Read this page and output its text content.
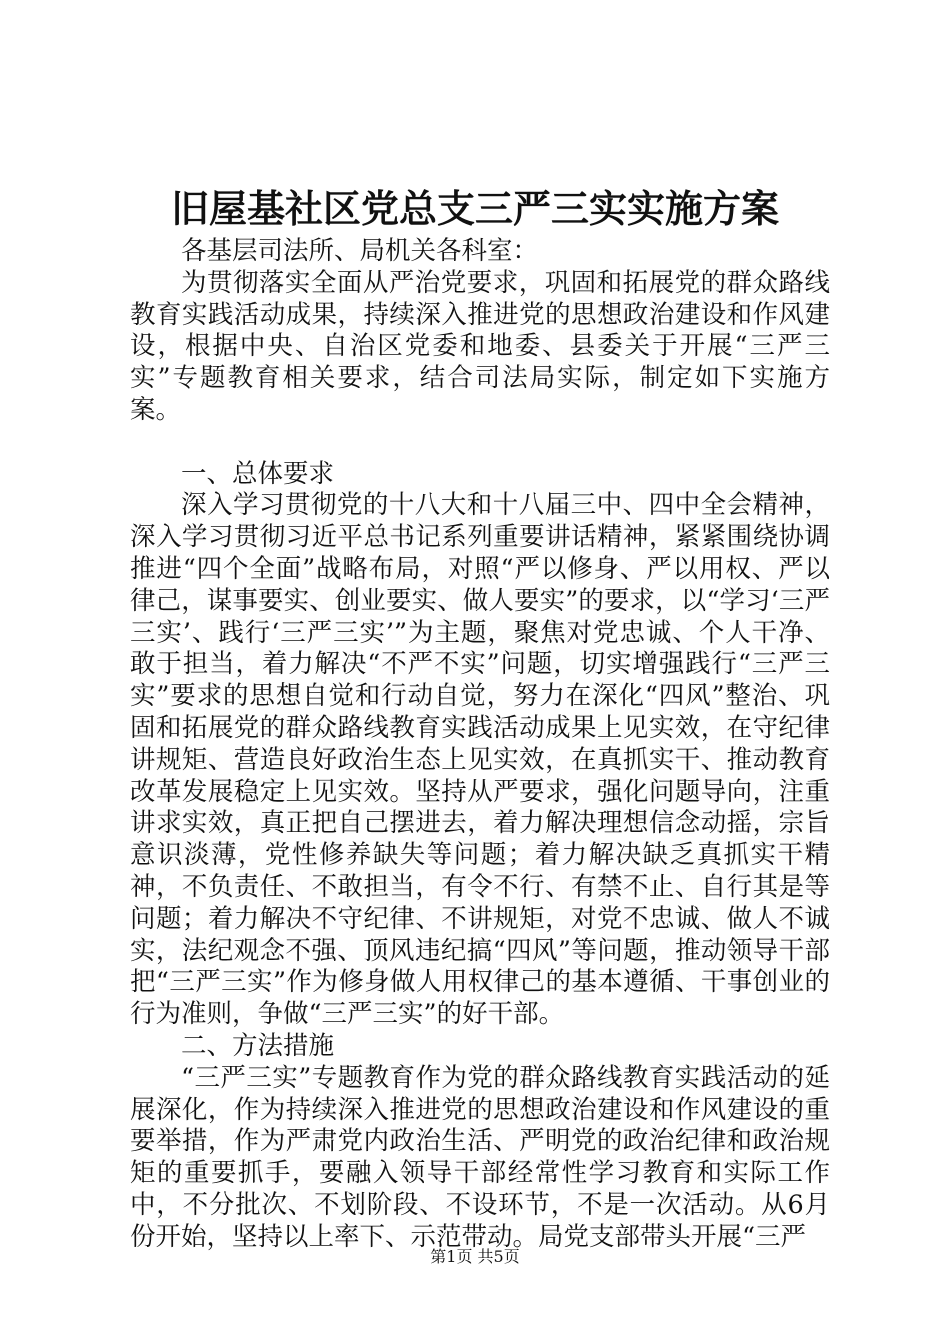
旧屋基社区党总支三严三实实施方案

各基层司法所、局机关各科室：

为贯彻落实全面从严治党要求，巩固和拓展党的群众路线教育实践活动成果，持续深入推进党的思想政治建设和作风建设，根据中央、自治区党委和地委、县委关于开展“三严三实”专题教育相关要求，结合司法局实际，制定如下实施方案。

一、总体要求

深入学习贯彻党的十八大和十八届三中、四中全会精神，深入学习贯彻习近平总书记系列重要讲话精神，紧紧围绕协调推进“四个全面”战略布局，对照“严以修身、严以用权、严以律己，谋事要实、创业要实、做人要实”的要求，以“学习‘三严三实’、践行‘三严三实’”为主题，聚焦对党忠诚、个人干净、敢于担当，着力解决“不严不实”问题，切实增强践行“三严三实”要求的思想自觉和行动自觉，努力在深化“四风”整治、巩固和拓展党的群众路线教育实践活动成果上见实效，在守纪律讲规矩、营造良好政治生态上见实效，在真抓实干、推动教育改革发展稳定上见实效。坚持从严要求，强化问题导向，注重讲求实效，真正把自己摆进去，着力解决理想信念动摇，宗旨意识淡薄，党性修养缺失等问题；着力解决缺乏真抓实干精神，不负责任、不敢担当，有令不行、有禁不止、自行其是等问题；着力解决不守纪律、不讲规矩，对党不忠诚、做人不诚实，法纪观念不强、顶风违纪搞“四风”等问题，推动领导干部把“三严三实”作为修身做人用权律己的基本遵循、干事创业的行为准则，争做“三严三实”的好干部。

二、方法措施

“三严三实”专题教育作为党的群众路线教育实践活动的延展深化，作为持续深入推进党的思想政治建设和作风建设的重要举措，作为严肃党内政治生活、严明党的政治纪律和政治规矩的重要抓手，要融入领导干部经常性学习教育和实际工作中，不分批次、不划阶段、不设环节，不是一次活动。从6月份开始，坚持以上率下、示范带动。局党支部带头开展“三严

第1页 共5页
